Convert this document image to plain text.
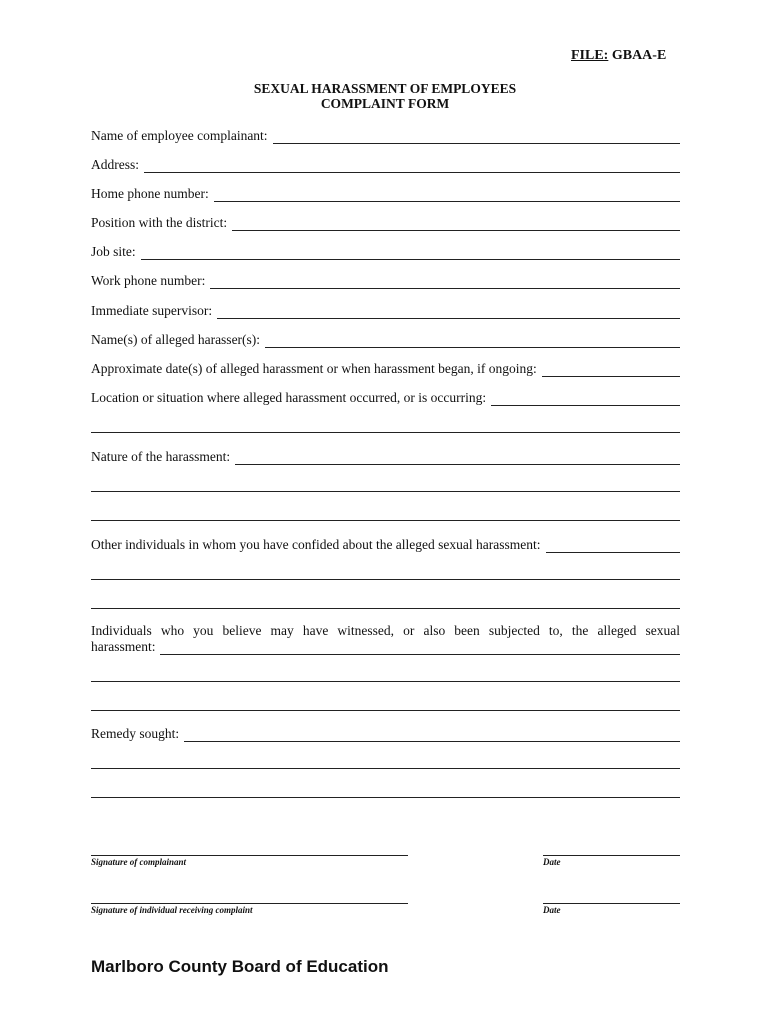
FILE: GBAA-E
SEXUAL HARASSMENT OF EMPLOYEES
COMPLAINT FORM
Name of employee complainant:
Address:
Home phone number:
Position with the district:
Job site:
Work phone number:
Immediate supervisor:
Name(s) of alleged harasser(s):
Approximate date(s) of alleged harassment or when harassment began, if ongoing:
Location or situation where alleged harassment occurred, or is occurring:
Nature of the harassment:
Other individuals in whom you have confided about the alleged sexual harassment:
Individuals who you believe may have witnessed, or also been subjected to, the alleged sexual
harassment:
Remedy sought:
Signature of complainant	Date
Signature of individual receiving complaint	Date
Marlboro County Board of Education
